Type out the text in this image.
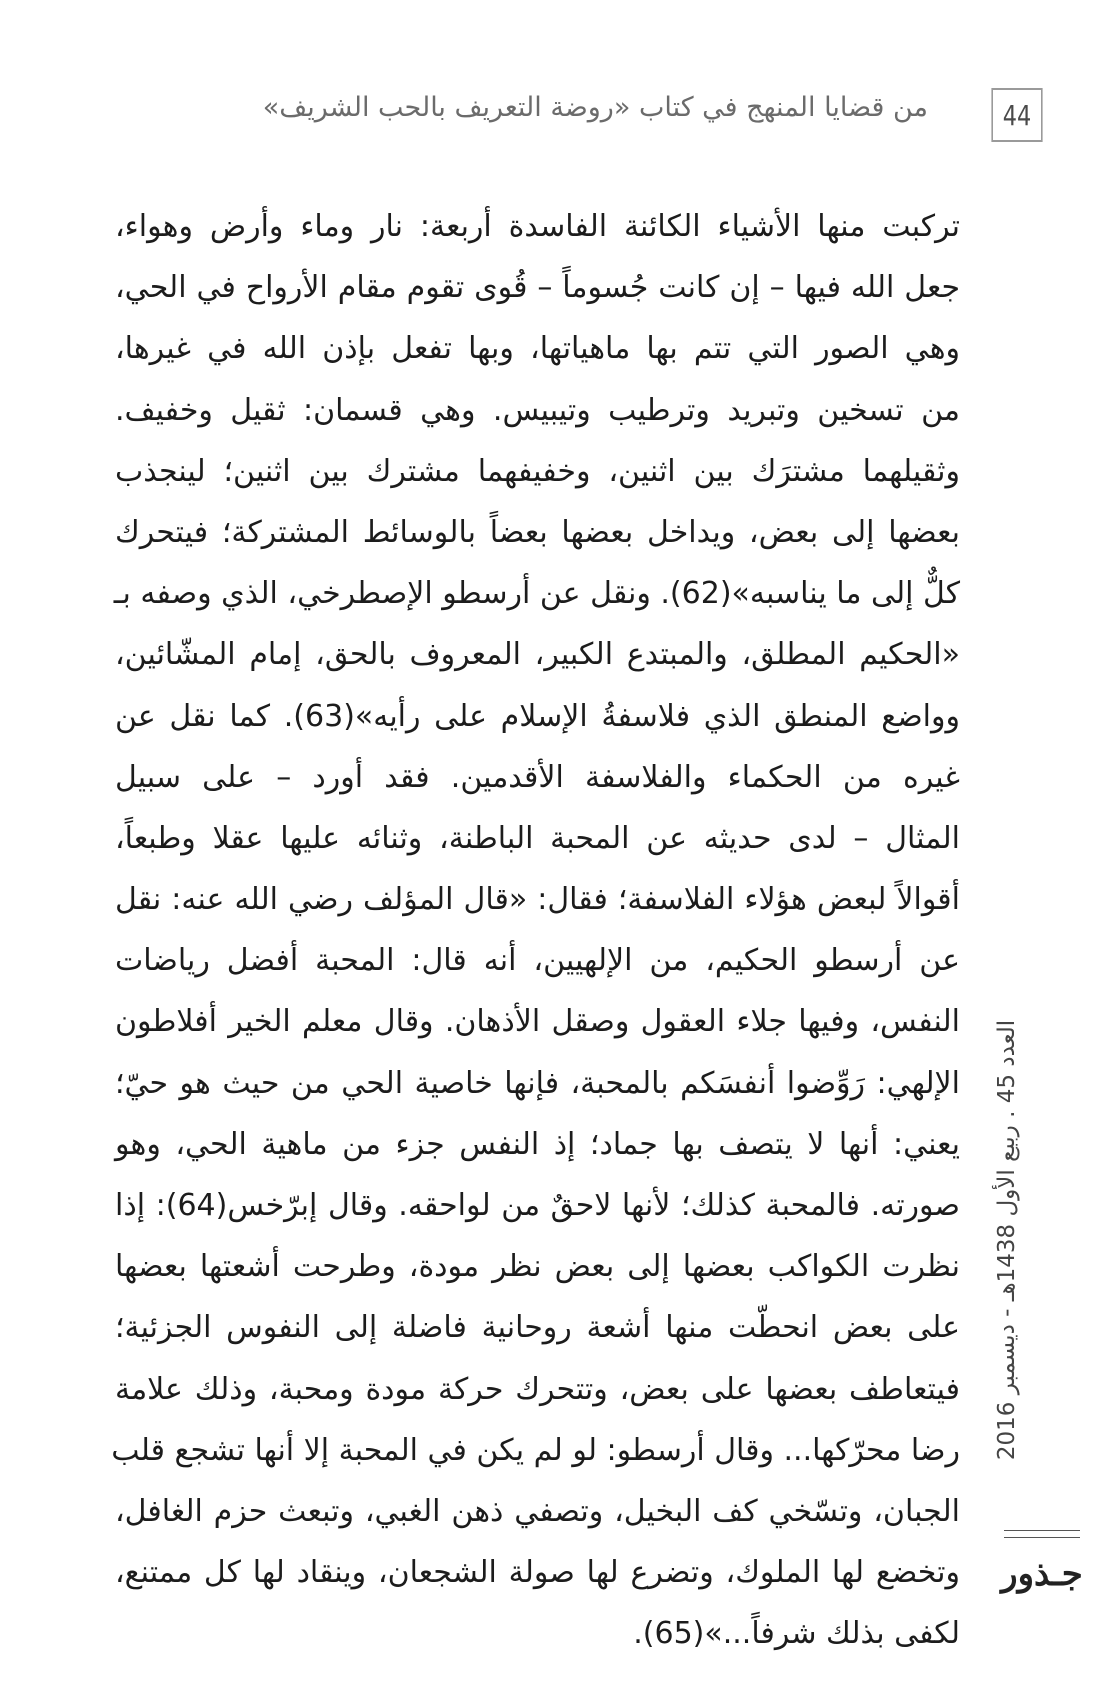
44
من قضايا المنهج في كتاب «روضة التعريف بالحب الشريف»
تركبت منها الأشياء الكائنة الفاسدة أربعة: نار وماء وأرض وهواء،
جعل الله فيها – إن كانت جُسوماً – قُوى تقوم مقام الأرواح في الحي،
وهي الصور التي تتم بها ماهياتها، وبها تفعل بإذن الله في غيرها،
من تسخين وتبريد وترطيب وتيبيس. وهي قسمان: ثقيل وخفيف.
وثقيلهما مشترَك بين اثنين، وخفيفهما مشترك بين اثنين؛ لينجذب
بعضها إلى بعض، ويداخل بعضها بعضاً بالوسائط المشتركة؛ فيتحرك
كلٌّ إلى ما يناسبه»(62). ونقل عن أرسطو الإصطرخي، الذي وصفه بـ
«الحكيم المطلق، والمبتدع الكبير، المعروف بالحق، إمام المشّائين،
وواضع المنطق الذي فلاسفةُ الإسلام على رأيه»(63). كما نقل عن
غيره من الحكماء والفلاسفة الأقدمين. فقد أورد – على سبيل
المثال – لدى حديثه عن المحبة الباطنة، وثنائه عليها عقلا وطبعاً،
أقوالاً لبعض هؤلاء الفلاسفة؛ فقال: «قال المؤلف رضي الله عنه: نقل
عن أرسطو الحكيم، من الإلهيين، أنه قال: المحبة أفضل رياضات
النفس، وفيها جلاء العقول وصقل الأذهان. وقال معلم الخير أفلاطون
الإلهي: رَوِّضوا أنفسَكم بالمحبة، فإنها خاصية الحي من حيث هو حيّ؛
يعني: أنها لا يتصف بها جماد؛ إذ النفس جزء من ماهية الحي، وهو
صورته. فالمحبة كذلك؛ لأنها لاحقٌ من لواحقه. وقال إبرّخس(64): إذا
نظرت الكواكب بعضها إلى بعض نظر مودة، وطرحت أشعتها بعضها
على بعض انحطّت منها أشعة روحانية فاضلة إلى النفوس الجزئية؛
فيتعاطف بعضها على بعض، وتتحرك حركة مودة ومحبة، وذلك علامة
رضا محرّكها... وقال أرسطو: لو لم يكن في المحبة إلا أنها تشجع قلب
الجبان، وتسّخي كف البخيل، وتصفي ذهن الغبي، وتبعث حزم الغافل،
وتخضع لها الملوك، وتضرع لها صولة الشجعان، وينقاد لها كل ممتنع،
لكفى بذلك شرفاً...»(65).
العدد 45 . ربيع الأول 1438هـ - ديسمبر 2016
جـذور
